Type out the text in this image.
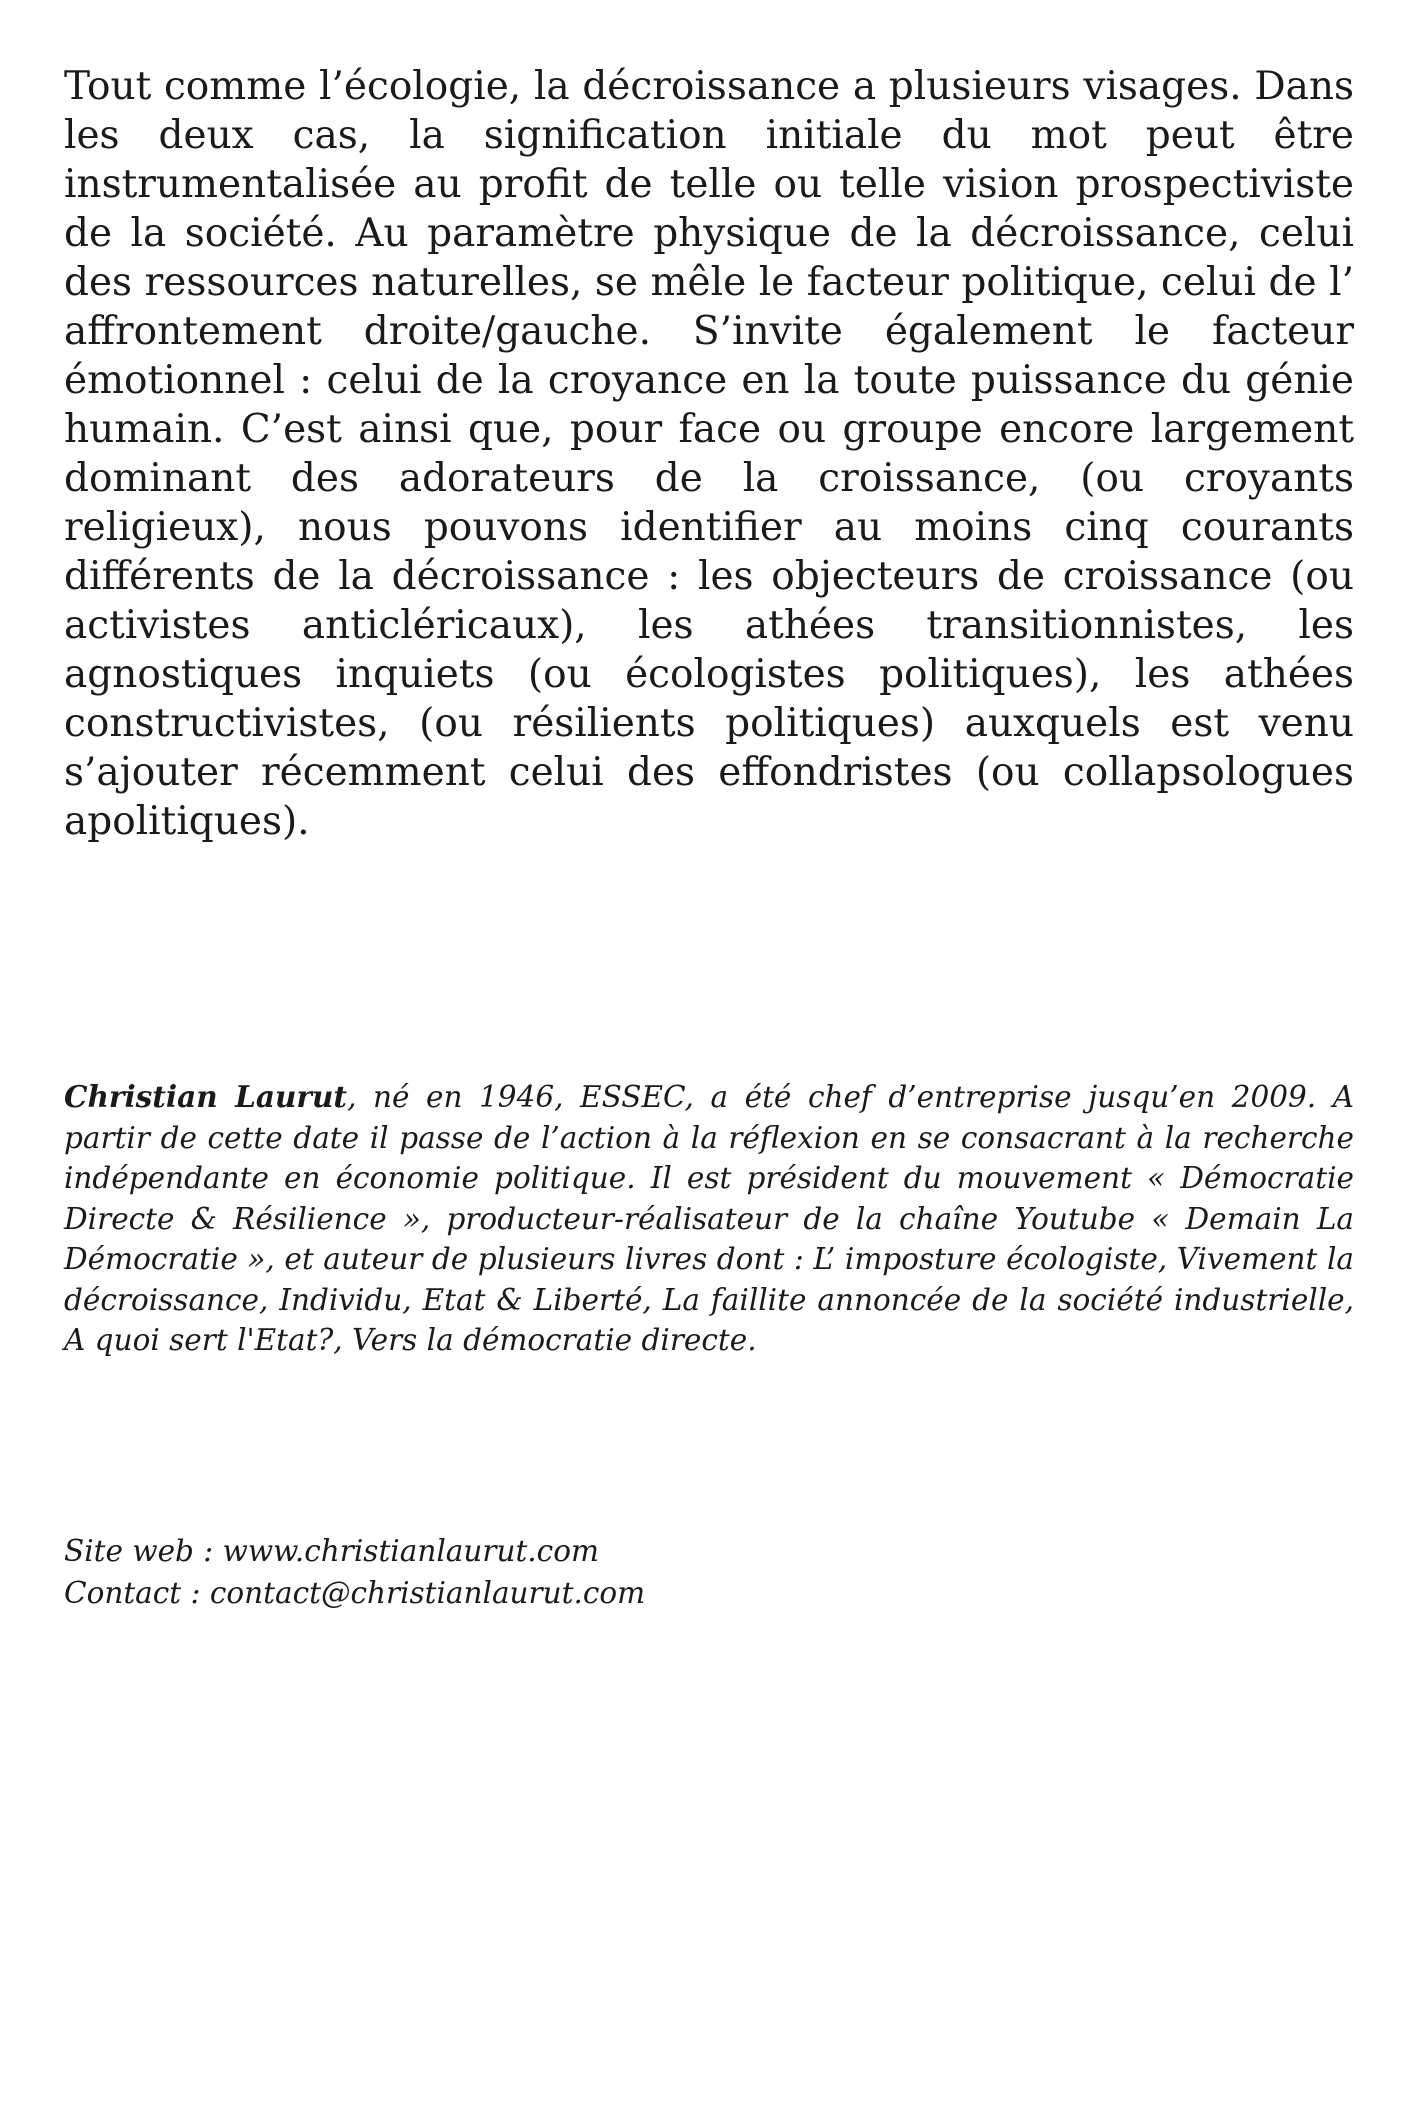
Tout comme l’écologie, la décroissance a plusieurs visages. Dans les deux cas, la signification initiale du mot peut être instrumentalisée au profit de telle ou telle vision prospectiviste de la société. Au paramètre physique de la décroissance, celui des ressources naturelles, se mêle le facteur politique, celui de l’ affrontement droite/gauche. S’invite également le facteur émotionnel : celui de la croyance en la toute puissance du génie humain. C’est ainsi que, pour face ou groupe encore largement dominant des adorateurs de la croissance, (ou croyants religieux), nous pouvons identifier au moins cinq courants différents de la décroissance : les objecteurs de croissance (ou activistes anticléricaux), les athées transitionnistes, les agnostiques inquiets (ou écologistes politiques), les athées constructivistes, (ou résilients politiques) auxquels est venu s’ajouter récemment celui des effondristes (ou collapsologues apolitiques).

Christian Laurut, né en 1946, ESSEC, a été chef d’entreprise jusqu’en 2009. A partir de cette date il passe de l’action à la réflexion en se consacrant à la recherche indépendante en économie politique. Il est président du mouvement « Démocratie Directe & Résilience », producteur-réalisateur de la chaîne Youtube « Demain La Démocratie », et auteur de plusieurs livres dont : L’ imposture écologiste, Vivement la décroissance, Individu, Etat & Liberté, La faillite annoncée de la société industrielle, A quoi sert l'Etat?, Vers la démocratie directe.

Site web : www.christianlaurut.com
Contact : contact@christianlaurut.com
